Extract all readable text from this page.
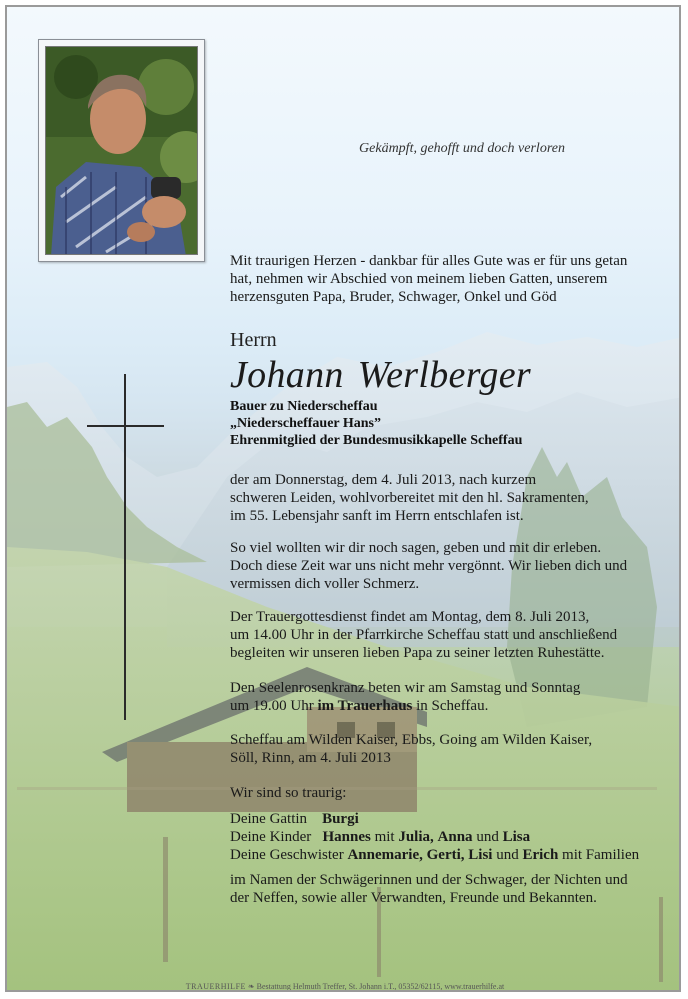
Gekämpft, gehofft und doch verloren
Mit traurigen Herzen - dankbar für alles Gute was er für uns getan
hat, nehmen wir Abschied von meinem lieben Gatten, unserem
herzensguten Papa, Bruder, Schwager, Onkel und Göd
Herrn
Johann Werlberger
Bauer zu Niederscheffau
„Niederscheffauer Hans”
Ehrenmitglied der Bundesmusikkapelle Scheffau
der am Donnerstag, dem 4. Juli 2013, nach kurzem
schweren Leiden, wohlvorbereitet mit den hl. Sakramenten,
im 55. Lebensjahr sanft im Herrn entschlafen ist.
So viel wollten wir dir noch sagen, geben und mit dir erleben.
Doch diese Zeit war uns nicht mehr vergönnt. Wir lieben dich und
vermissen dich voller Schmerz.
Der Trauergottesdienst findet am Montag, dem 8. Juli 2013,
um 14.00 Uhr in der Pfarrkirche Scheffau statt und anschließend
begleiten wir unseren lieben Papa zu seiner letzten Ruhestätte.
Den Seelenrosenkranz beten wir am Samstag und Sonntag
um 19.00 Uhr im Trauerhaus in Scheffau.
Scheffau am Wilden Kaiser, Ebbs, Going am Wilden Kaiser,
Söll, Rinn, am 4. Juli 2013
Wir sind so traurig:
Deine Gattin Burgi
Deine Kinder Hannes mit Julia, Anna und Lisa
Deine Geschwister Annemarie, Gerti, Lisi und Erich mit Familien
im Namen der Schwägerinnen und der Schwager, der Nichten und
der Neffen, sowie aller Verwandten, Freunde und Bekannten.
TRAUERHILFE ❧ Bestattung Helmuth Treffer, St. Johann i.T., 05352/62115, www.trauerhilfe.at
